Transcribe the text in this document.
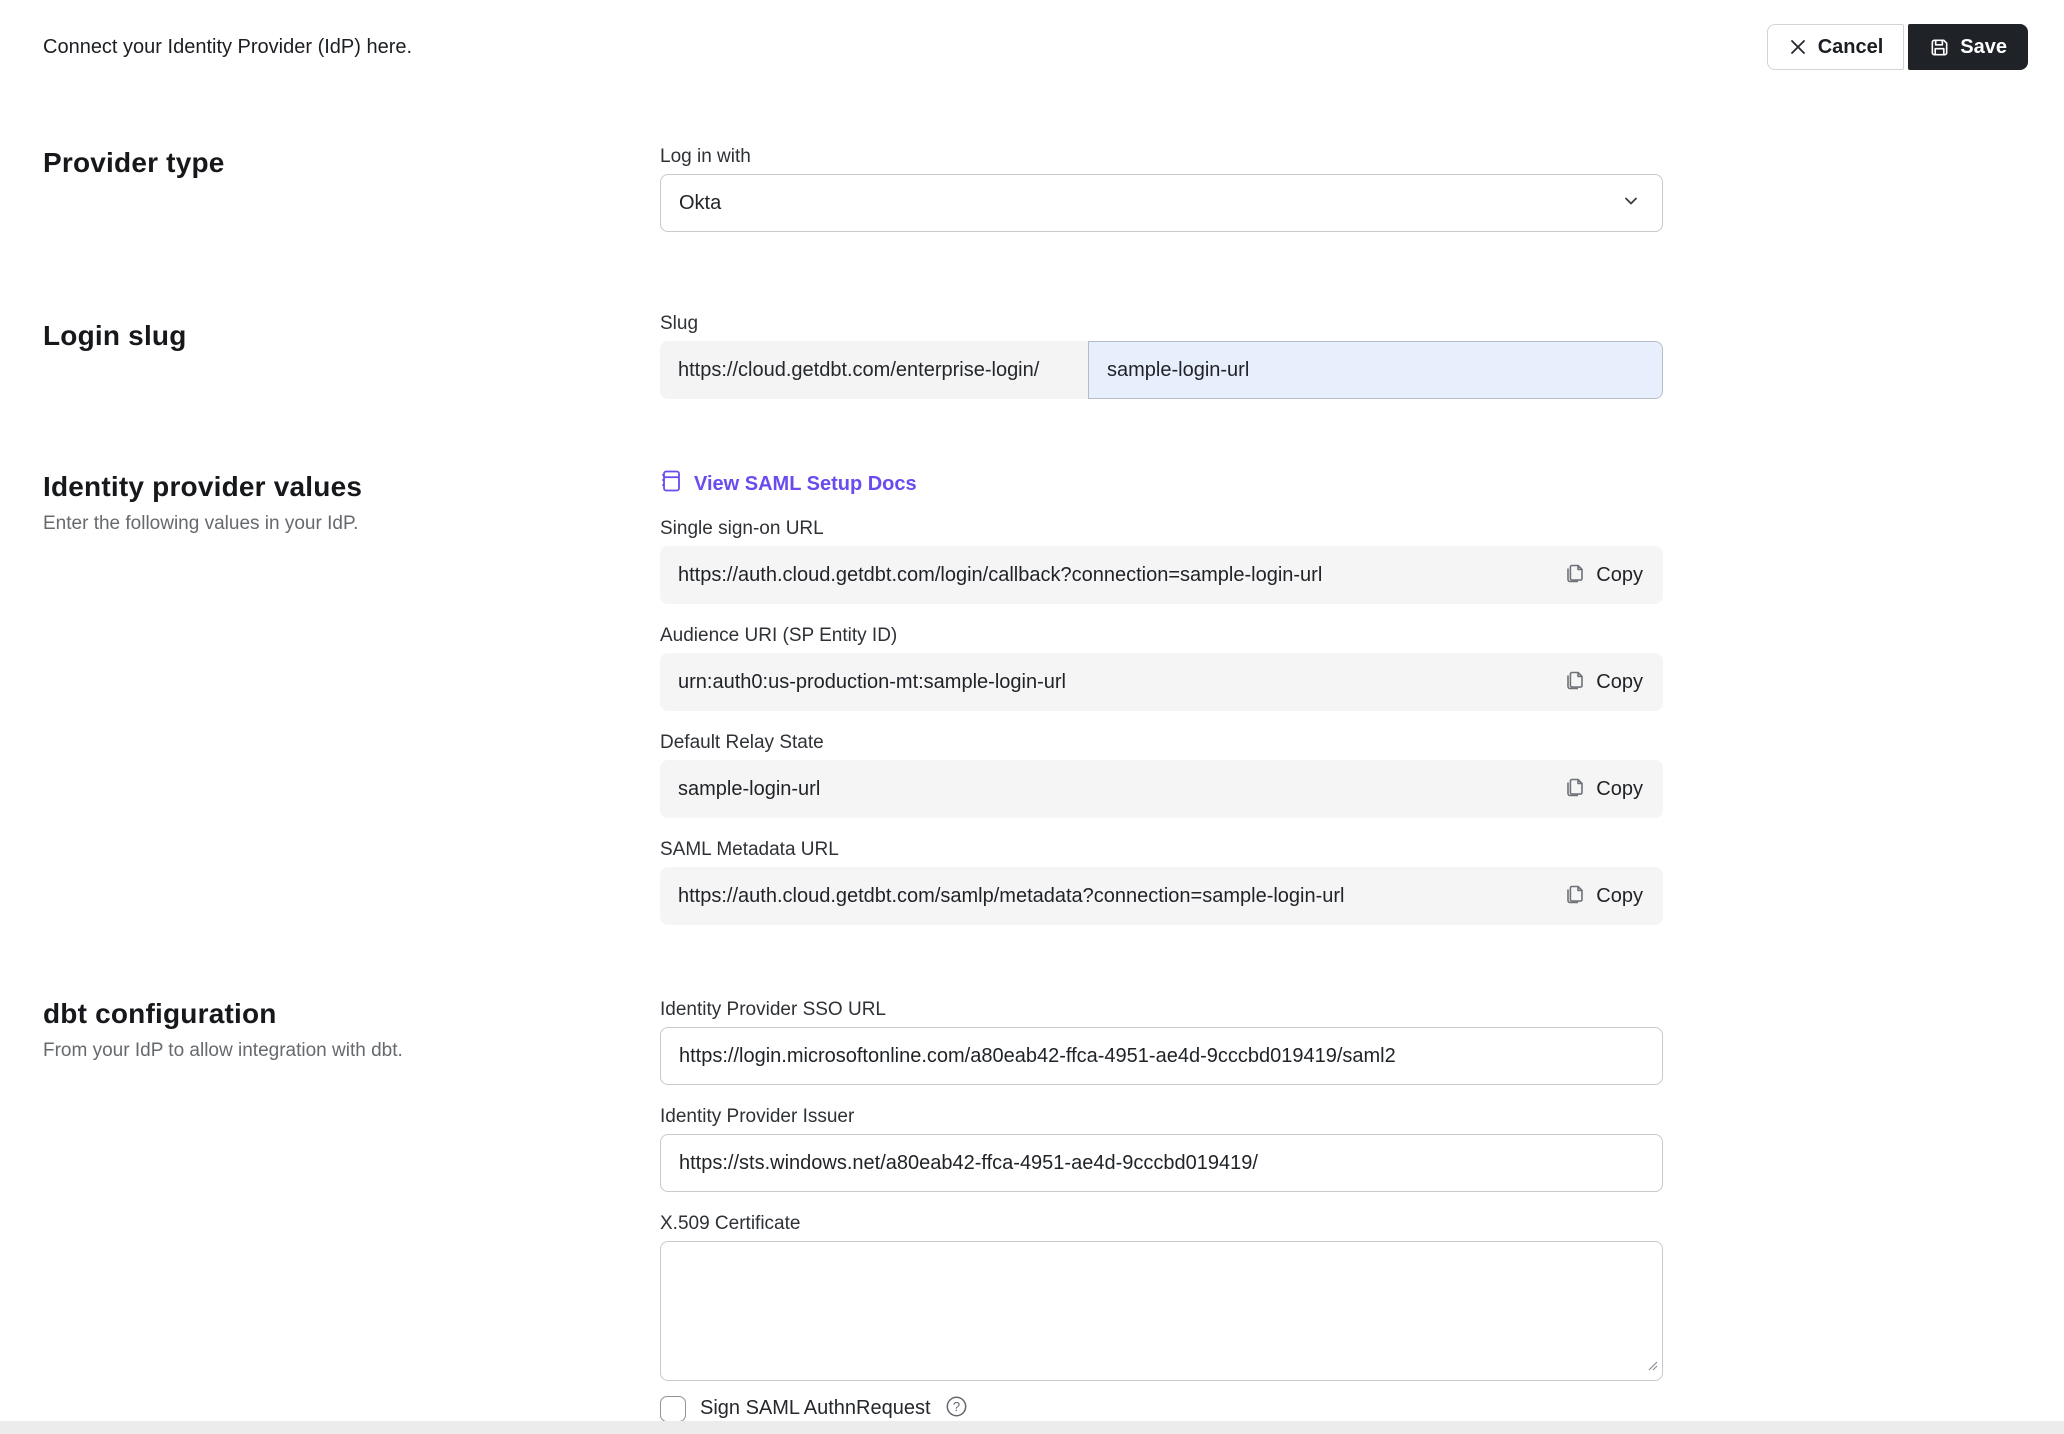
Connect your Identity Provider (IdP) here.	Cancel	Save
Provider type	Log in with
Okta
Login slug	Slug
https://cloud.getdbt.com/enterprise-login/
sample-login-url
Identity provider values
Enter the following values in your IdP.
View SAML Setup Docs
Single sign-on URL
https://auth.cloud.getdbt.com/login/callback?connection=sample-login-url	Copy
Audience URI (SP Entity ID)
urn:auth0:us-production-mt:sample-login-url	Copy
Default Relay State
sample-login-url	Copy
SAML Metadata URL
https://auth.cloud.getdbt.com/samlp/metadata?connection=sample-login-url	Copy
dbt configuration
From your IdP to allow integration with dbt.
Identity Provider SSO URL
https://login.microsoftonline.com/a80eab42-ffca-4951-ae4d-9cccbd019419/saml2
Identity Provider Issuer
https://sts.windows.net/a80eab42-ffca-4951-ae4d-9cccbd019419/
X.509 Certificate
Sign SAML AuthnRequest ?
